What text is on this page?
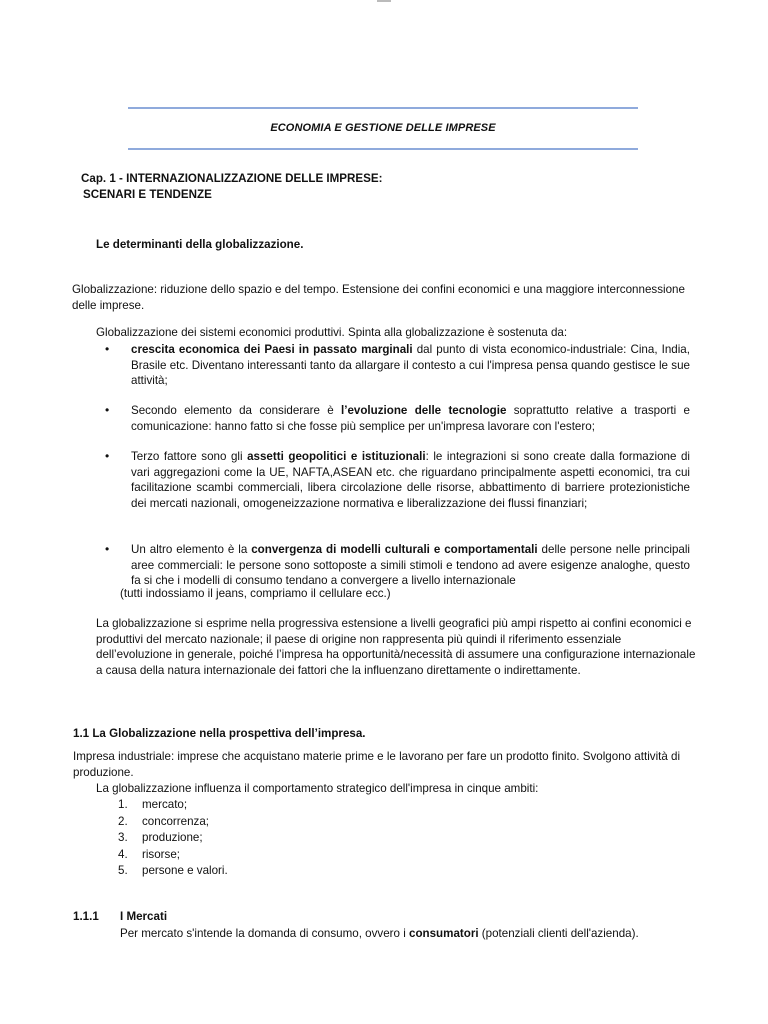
ECONOMIA E GESTIONE DELLE IMPRESE
Cap. 1 - INTERNAZIONALIZZAZIONE DELLE IMPRESE:
SCENARI E TENDENZE
Le determinanti della globalizzazione.
Globalizzazione: riduzione dello spazio e del tempo. Estensione dei confini economici e una maggiore interconnessione delle imprese.
Globalizzazione dei sistemi economici produttivi. Spinta alla globalizzazione è sostenuta da:
•	crescita economica dei Paesi in passato marginali dal punto di vista economico-industriale: Cina, India, Brasile etc. Diventano interessanti tanto da allargare il contesto a cui l'impresa pensa quando gestisce le sue attività;
•	Secondo elemento da considerare è l’evoluzione delle tecnologie soprattutto relative a trasporti e comunicazione: hanno fatto si che fosse più semplice per un'impresa lavorare con l'estero;
•	Terzo fattore sono gli assetti geopolitici e istituzionali: le integrazioni si sono create dalla formazione di vari aggregazioni come la UE, NAFTA,ASEAN etc. che riguardano principalmente aspetti economici, tra cui facilitazione scambi commerciali, libera circolazione delle risorse, abbattimento di barriere protezionistiche dei mercati nazionali, omogeneizzazione normativa e liberalizzazione dei flussi finanziari;
•	Un altro elemento è la convergenza di modelli culturali e comportamentali delle persone nelle principali aree commerciali: le persone sono sottoposte a simili stimoli e tendono ad avere esigenze analoghe, questo fa si che i modelli di consumo tendano a convergere a livello internazionale
(tutti indossiamo il jeans, compriamo il cellulare ecc.)
La globalizzazione si esprime nella progressiva estensione a livelli geografici più ampi rispetto ai confini economici e produttivi del mercato nazionale; il paese di origine non rappresenta più quindi il riferimento essenziale dell’evoluzione in generale, poiché l’impresa ha opportunità/necessità di assumere una configurazione internazionale a causa della natura internazionale dei fattori che la influenzano direttamente o indirettamente.
1.1 La Globalizzazione nella prospettiva dell’impresa.
Impresa industriale: imprese che acquistano materie prime e le lavorano per fare un prodotto finito. Svolgono attività di produzione.
La globalizzazione influenza il comportamento strategico dell'impresa in cinque ambiti:
1.	mercato;
2.	concorrenza;
3.	produzione;
4.	risorse;
5.	persone e valori.
1.1.1 I Mercati
Per mercato s'intende la domanda di consumo, ovvero i consumatori (potenziali clienti dell'azienda).
